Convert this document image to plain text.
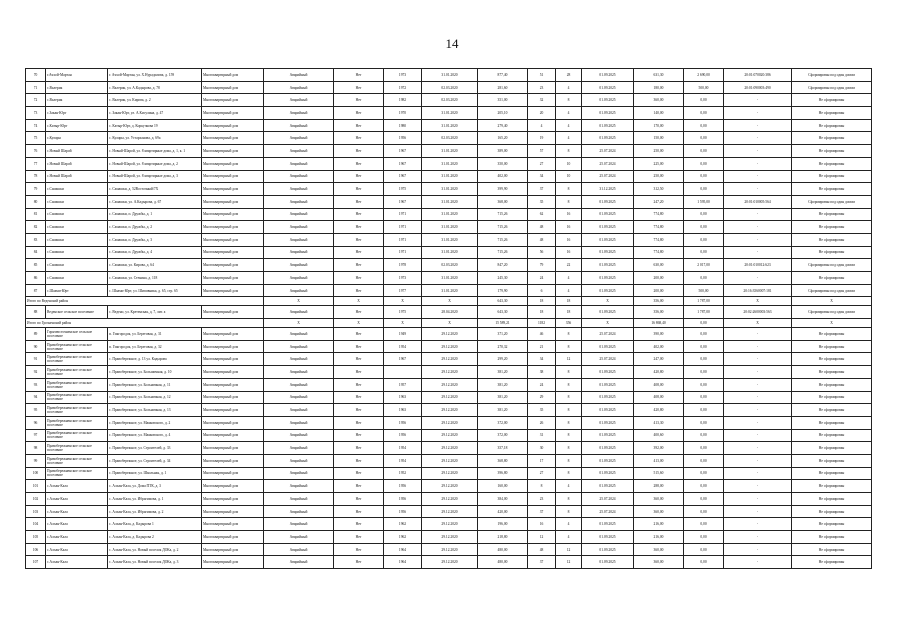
14
70	г.Ачхой-Мартан	г. Ачхой-Мартан, ул. Х.Нурадилова, д. 159	Многоквартирный дом	Аварийный	Нет	1973	31.01.2020	877,40	51	28	01.09.2025	631,30	2 690,00	20:01:070020:386	Сформирован под один домом
71	с.Валерик	с. Валерик, ул. А.Кадырова, д. 78	Многоквартирный дом	Аварийный	Нет	1972	02.03.2020	281,60	23	4	01.09.2025	180,00	500,00	20:01:090003:490	Сформирован под один домом
72	с.Валерик	с. Валерик, ул. Кирова, д. 2	Многоквартирный дом	Аварийный	Нет	1982	02.03.2020	351,00	32	8	01.09.2025	360,00	0,00	-	Не сформирован
73	с.Закан-Юрт	с. Закан-Юрт, ул. А.Кисулина, д. 47	Многоквартирный дом	Аварийный	Нет	1970	31.01.2020	205,10	20	4	01.09.2025	140,00	0,00	-	Не сформирован
74	с.Катыр-Юрт	с. Катыр-Юрт, д. Коркучкова 19	Многоквартирный дом	Аварийный	Нет	1980	31.01.2020	279,40	4	4	01.09.2025	170,00	0,00	-	Не сформирован
75	с.Кулары	с. Кулары, ул. Устарханова, д. 69а	Многоквартирный дом	Аварийный	Нет	1956	02.03.2020	165,20	19	4	01.09.2025	150,00	0,00	-	Не сформирован
76	с.Новый Шарой	с. Новый-Шарой, ул. 8 квартирные дома, д. 1, к. 1	Многоквартирный дом	Аварийный	Нет	1967	31.01.2020	389,00	57	8	25.07.2024	250,00	0,00	-	Не сформирован
77	с.Новый Шарой	с. Новый-Шарой, ул. 8 квартирные дома, д. 2	Многоквартирный дом	Аварийный	Нет	1967	31.01.2020	350,00	27	10	25.07.2024	225,00	0,00	-	Не сформирован
78	с.Новый Шарой	с. Новый-Шарой, ул. 8 квартирные дома, д. 3	Многоквартирный дом	Аварийный	Нет	1967	31.01.2020	402,00	34	10	25.07.2024	250,00	0,00	-	Не сформирован
79	с.Самашки	с. Самашки, д. 52Восточный\7Х	Многоквартирный дом	Аварийный	Нет	1975	31.01.2020	399,90	37	8	31.12.2025	312,50	0,00	-	Не сформирован
80	с.Самашки	с. Самашки, ул. А.Кадырова, д. 67	Многоквартирный дом	Аварийный	Нет	1967	31.01.2020	368,00	35	8	01.09.2025	247,20	1 595,00	20:01:010005:564	Сформирован под один домом
81	с.Самашки	с. Самашки, п. Дружбы, д. 1	Многоквартирный дом	Аварийный	Нет	1971	31.01.2020	715,26	62	16	01.09.2025	774,80	0,00	-	Не сформирован
82	с.Самашки	с. Самашки, п. Дружбы, д. 2	Многоквартирный дом	Аварийный	Нет	1971	31.01.2020	715,26	48	16	01.09.2025	774,80	0,00	-	Не сформирован
83	с.Самашки	с. Самашки, п. Дружбы, д. 3	Многоквартирный дом	Аварийный	Нет	1971	31.01.2020	715,26	48	16	01.09.2025	774,80	0,00	-	Не сформирован
84	с.Самашки	с. Самашки, п. Дружбы, д. 4	Многоквартирный дом	Аварийный	Нет	1971	31.01.2020	715,26	56	16	01.09.2025	774,80	0,00	-	Не сформирован
85	с.Самашки	с. Самашки, ул. Кирова, д. 64	Многоквартирный дом	Аварийный	Нет	1978	02.03.2020	847,20	79	22	01.09.2025	630,00	2 017,00	20:01:010012:623	Сформирован под один домом
86	с.Самашки	с. Самашки, ул. Стенина, д. 118	Многоквартирный дом	Аварийный	Нет	1973	31.01.2020	245,30	24	4	01.09.2025	200,00	0,00	-	Не сформирован
87	с.Шаами-Юрт	с. Шаами-Юрт, ул. Шиповника, д. 65, стр. 65	Многоквартирный дом	Аварийный	Нет	1977	31.01.2020	179,90	6	4	01.09.2025	200,00	500,00	20:16:3560007:181	Сформирован под один домом
Итого по Веденский район				X	X	X	X	643,30	18	18	X	356,00	1 787,00	X	X
88	Веденское сельское поселение	с. Ведено, ул. Кретенская, д. 7, лит. а	Многоквартирный дом	Аварийный	Нет	1975	28.04.2020	643,30	18	18	01.09.2025	356,00	1 787,00	20:02:2600003:563	Сформирован под один домом
Итого по Грозненский район				X	X	X	X	15 589,21	1182	356	X	16 868,40	0,00	X	X
89	Горячеисточненское сельское поселение	п. Гикгородок, ул. Береговая, д. 31	Многоквартирный дом	Аварийный	Нет	1949	29.12.2020	371,20	46	8	25.07.2024	390,00	0,00	-	Не сформирован
90	Правобережненское сельское поселение	п. Гикгородок, ул. Береговая, д. 32	Многоквартирный дом	Аварийный	Нет	1954	29.12.2020	270,32	21	8	01.09.2025	402,00	0,00	-	Не сформирован
91	Правобережненское сельское поселение	с. Правобережное, д. 13 ул. Кадырова	Многоквартирный дом	Аварийный	Нет	1967	29.12.2020	299,20	34	12	25.07.2024	247,00	0,00	-	Не сформирован
92	Правобережненское сельское поселение	с. Правобережное, ул. Большичная, д. 10	Многоквартирный дом	Аварийный	Нет		29.12.2020	381,20	38	8	01.09.2025	420,80	0,00	-	Не сформирован
93	Правобережненское сельское поселение	с. Правобережное, ул. Больничная, д. 11	Многоквартирный дом	Аварийный	Нет	1957	29.12.2020	381,20	24	8	01.09.2025	408,00	0,00	-	Не сформирован
94	Правобережненское сельское поселение	с. Правобережное, ул. Больничная, д. 12	Многоквартирный дом	Аварийный	Нет	1963	29.12.2020	381,20	29	8	01.09.2025	408,00	0,00	-	Не сформирован
95	Правобережненское сельское поселение	с. Правобережное, ул. Больничная, д. 13	Многоквартирный дом	Аварийный	Нет	1963	29.12.2020	381,20	35	8	01.09.2025	420,80	0,00	-	Не сформирован
96	Правобережненское сельское поселение	с. Правобережное, ул. Маяковского, д. 2	Многоквартирный дом	Аварийный	Нет	1956	29.12.2020	372,00	26	8	01.09.2025	413,30	0,00	-	Не сформирован
97	Правобережненское сельское поселение	с. Правобережное, ул. Маяковского, д. 4	Многоквартирный дом	Аварийный	Нет	1956	29.12.2020	372,00	31	8	01.09.2025	400,60	0,00	-	Не сформирован
98	Правобережненское сельское поселение	с. Правобережное, ул. Строителей, д. 33	Многоквартирный дом	Аварийный	Нет	1954	29.12.2020	357,18	30	8	01.09.2025	392,00	0,00	-	Не сформирован
99	Правобережненское сельское поселение	с. Правобережное, ул. Строителей, д. 34	Многоквартирный дом	Аварийный	Нет	1954	29.12.2020	368,80	17	8	01.09.2025	413,00	0,00	-	Не сформирован
100	Правобережненское сельское поселение	с. Правобережное, ул. Школьная, д. 1	Многоквартирный дом	Аварийный	Нет	1952	29.12.2020	396,80	27	8	01.09.2025	515,60	0,00	-	Не сформирован
101	с.Алхан-Кала	с. Алхан-Кала, ул. Дома ПТК, д. 3	Многоквартирный дом	Аварийный	Нет	1956	29.12.2020	160,00	8	4	01.09.2025	288,00	0,00	-	Не сформирован
102	с.Алхан-Кала	с. Алхан-Кала, ул. Ибрагимова, д. 1	Многоквартирный дом	Аварийный	Нет	1956	29.12.2020	384,00	23	8	25.07.2024	360,00	0,00	-	Не сформирован
103	с.Алхан-Кала	с. Алхан-Кала, ул. Ибрагимова, д. 2	Многоквартирный дом	Аварийный	Нет	1956	29.12.2020	420,00	37	8	25.07.2024	360,00	0,00	-	Не сформирован
104	с.Алхан-Кала	с. Алхан-Кала, д. Кадырова 1	Многоквартирный дом	Аварийный	Нет	1962	29.12.2020	196,00	16	4	01.09.2025	216,00	0,00	-	Не сформирован
105	с.Алхан-Кала	с. Алхан-Кала, д. Кадырова 2	Многоквартирный дом	Аварийный	Нет	1962	29.12.2020	218,80	12	4	01.09.2025	216,00	0,00	-	Не сформирован
106	с.Алхан-Кала	с. Алхан-Кала, ул. Новый поселок ДОКа, д. 2	Многоквартирный дом	Аварийный	Нет	1964	29.12.2020	480,00	48	12	01.09.2025	360,00	0,00	-	Не сформирован
107	с.Алхан-Кала	с. Алхан-Кала, ул. Новый поселок ДОКа, д. 3	Многоквартирный дом	Аварийный	Нет	1964	29.12.2020	480,00	37	12	01.09.2025	360,00	0,00	-	Не сформирован
